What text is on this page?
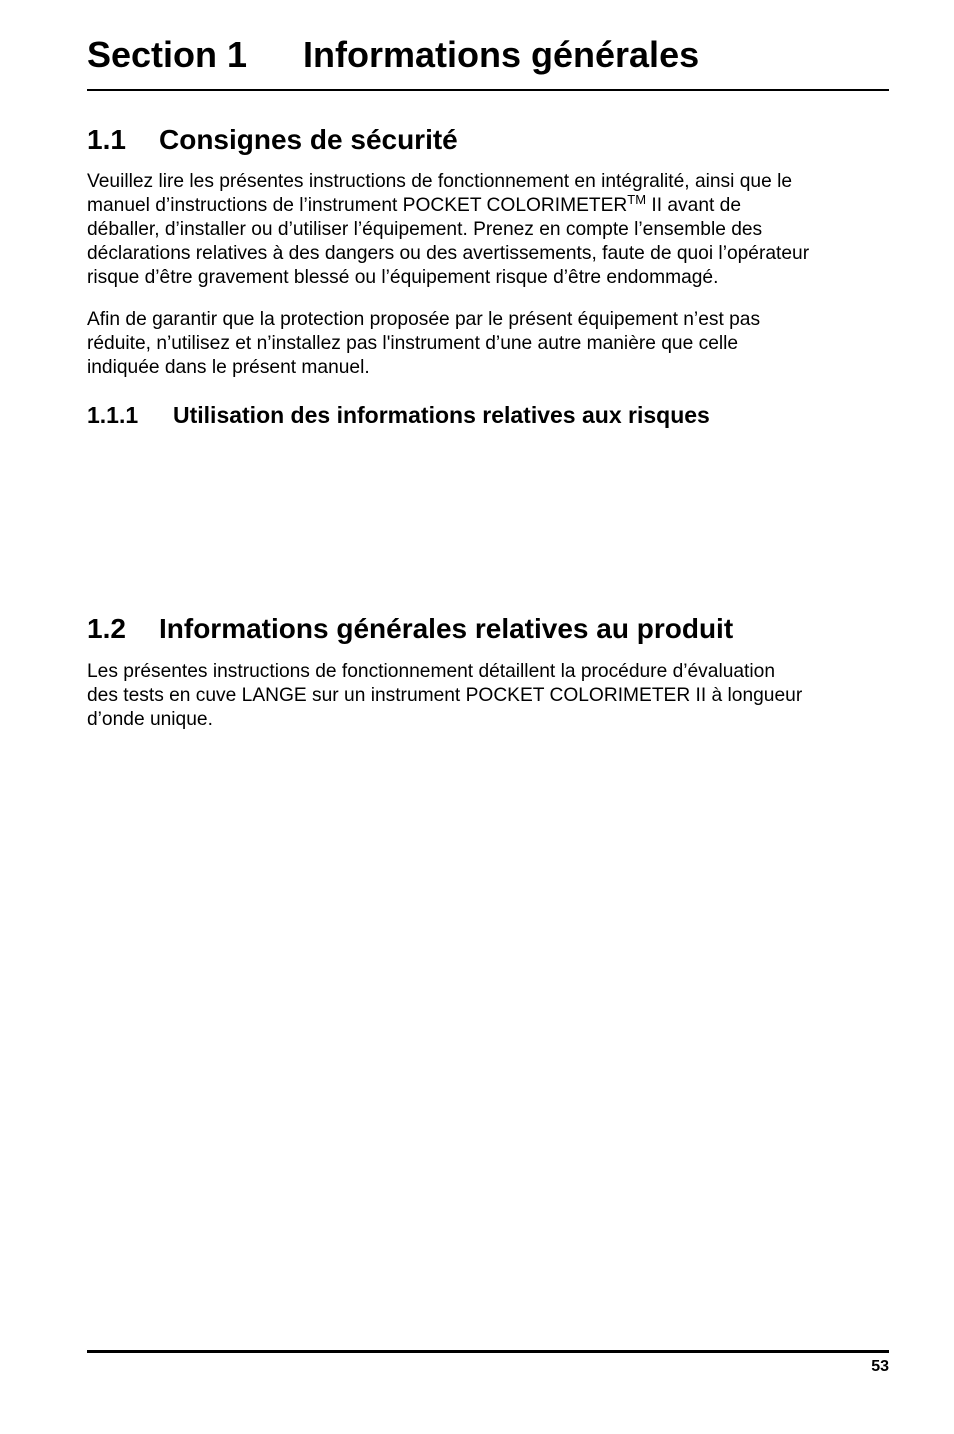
Section 1 Informations générales
1.1 Consignes de sécurité
Veuillez lire les présentes instructions de fonctionnement en intégralité, ainsi que le
manuel d’instructions de l’instrument POCKET COLORIMETER™ II avant de
déballer, d’installer ou d’utiliser l’équipement. Prenez en compte l’ensemble des
déclarations relatives à des dangers ou des avertissements, faute de quoi l’opérateur
risque d’être gravement blessé ou l’équipement risque d’être endommagé.
Afin de garantir que la protection proposée par le présent équipement n’est pas
réduite, n’utilisez et n’installez pas l'instrument d’une autre manière que celle
indiquée dans le présent manuel.
1.1.1 Utilisation des informations relatives aux risques
1.2 Informations générales relatives au produit
Les présentes instructions de fonctionnement détaillent la procédure d’évaluation
des tests en cuve LANGE sur un instrument POCKET COLORIMETER II à longueur
d’onde unique.
53
